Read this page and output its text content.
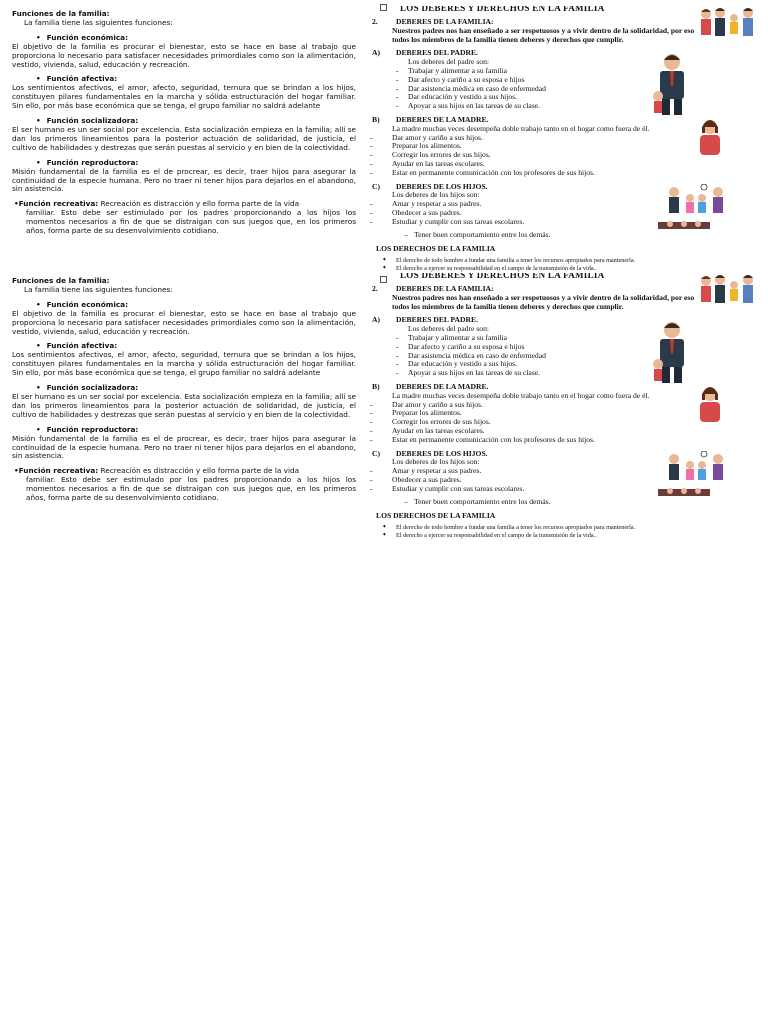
Funciones de la familia:

La familia tiene las siguientes funciones:

• Función económica:

El objetivo de la familia es procurar el bienestar, esto se hace en base al trabajo que proporciona lo necesario para satisfacer necesidades primordiales como son la alimentación, vestido, vivienda, salud, educación y recreación.

• Función afectiva:

Los sentimientos afectivos, el amor, afecto, seguridad, ternura que se brindan a los hijos, constituyen pilares fundamentales en la marcha y sólida estructuración del hogar familiar. Sin ello, por más base económica que se tenga, el grupo familiar no saldrá adelante

• Función socializadora:

El ser humano es un ser social por excelencia. Esta socialización empieza en la familia; allí se dan los primeros lineamientos para la posterior actuación de solidaridad, de justicia, el cultivo de habilidades y destrezas que serán puestas al servicio y en bien de la colectividad.

• Función reproductora:

Misión fundamental de la familia es el de procrear, es decir, traer hijos para asegurar la continuidad de la especie humana. Pero no traer ni tener hijos para dejarlos en el abandono, sin asistencia.

• Función recreativa: Recreación es distracción y ello forma parte de la vida

familiar. Esto debe ser estimulado por los padres proporcionando a los hijos los momentos necesarios a fin de que se distraigan con sus juegos que, en los primeros años, forma parte de su desenvolvimiento cotidiano.

Funciones de la familia:

La familia tiene las siguientes funciones:

• Función económica:

El objetivo de la familia es procurar el bienestar, esto se hace en base al trabajo que proporciona lo necesario para satisfacer necesidades primordiales como son la alimentación, vestido, vivienda, salud, educación y recreación.

• Función afectiva:

Los sentimientos afectivos, el amor, afecto, seguridad, ternura que se brindan a los hijos, constituyen pilares fundamentales en la marcha y sólida estructuración del hogar familiar. Sin ello, por más base económica que se tenga, el grupo familiar no saldrá adelante

• Función socializadora:

El ser humano es un ser social por excelencia. Esta socialización empieza en la familia; allí se dan los primeros lineamientos para la posterior actuación de solidaridad, de justicia, el cultivo de habilidades y destrezas que serán puestas al servicio y en bien de la colectividad.

• Función reproductora:

Misión fundamental de la familia es el de procrear, es decir, traer hijos para asegurar la continuidad de la especie humana. Pero no traer ni tener hijos para dejarlos en el abandono, sin asistencia.

• Función recreativa: Recreación es distracción y ello forma parte de la vida

familiar. Esto debe ser estimulado por los padres proporcionando a los hijos los momentos necesarios a fin de que se distraigan con sus juegos que, en los primeros años, forma parte de su desenvolvimiento cotidiano.

LOS DEBERES Y DERECHOS EN LA FAMILIA

2. DEBERES DE LA FAMILIA:

Nuestros padres nos han enseñado a ser respetuosos y a vivir dentro de la solidaridad, por eso todos los miembros de la familia tienen deberes y derechos que cumplir.

A) DEBERES DEL PADRE.

Los deberes del padre son:

- Trabajar y alimentar a su familia
- Dar afecto y cariño a su esposa e hijos
- Dar asistencia médica en caso de enfermedad
- Dar educación y vestido a sus hijos.
- Apoyar a sus hijos en las tareas de su clase.

B) DEBERES DE LA MADRE.

La madre muchas veces desempeña doble trabajo tanto en el hogar como fuera de él.

- Dar amor y cariño a sus hijos.
- Preparar los alimentos.
- Corregir los errores de sus hijos.
- Ayudar en las tareas escolares.
- Estar en permanente comunicación con los profesores de sus hijos.

C) DEBERES DE LOS HIJOS.

Los deberes de los hijos son:

- Amar y respetar a sus padres.
- Obedecer a sus padres.
- Estudiar y cumplir con sus tareas escolares.

– Tener buen comportamiento entre los demás.

LOS DERECHOS DE LA FAMILIA

➧ El derecho de todo hombre a fundar una familia a tener los recursos apropiados para mantenerla.
➧ El derecho a ejercer su responsabilidad en el campo de la transmisión de la vida..

LOS DEBERES Y DERECHOS EN LA FAMILIA

2. DEBERES DE LA FAMILIA:

Nuestros padres nos han enseñado a ser respetuosos y a vivir dentro de la solidaridad, por eso todos los miembros de la familia tienen deberes y derechos que cumplir.

A) DEBERES DEL PADRE.

Los deberes del padre son:

- Trabajar y alimentar a su familia
- Dar afecto y cariño a su esposa e hijos
- Dar asistencia médica en caso de enfermedad
- Dar educación y vestido a sus hijos.
- Apoyar a sus hijos en las tareas de su clase.

B) DEBERES DE LA MADRE.

La madre muchas veces desempeña doble trabajo tanto en el hogar como fuera de él.

- Dar amor y cariño a sus hijos.
- Preparar los alimentos.
- Corregir los errores de sus hijos.
- Ayudar en las tareas escolares.
- Estar en permanente comunicación con los profesores de sus hijos.

C) DEBERES DE LOS HIJOS.

Los deberes de los hijos son:

- Amar y respetar a sus padres.
- Obedecer a sus padres.
- Estudiar y cumplir con sus tareas escolares.

– Tener buen comportamiento entre los demás.

LOS DERECHOS DE LA FAMILIA

➧ El derecho de todo hombre a fundar una familia a tener los recursos apropiados para mantenerla.
➧ El derecho a ejercer su responsabilidad en el campo de la transmisión de la vida..
